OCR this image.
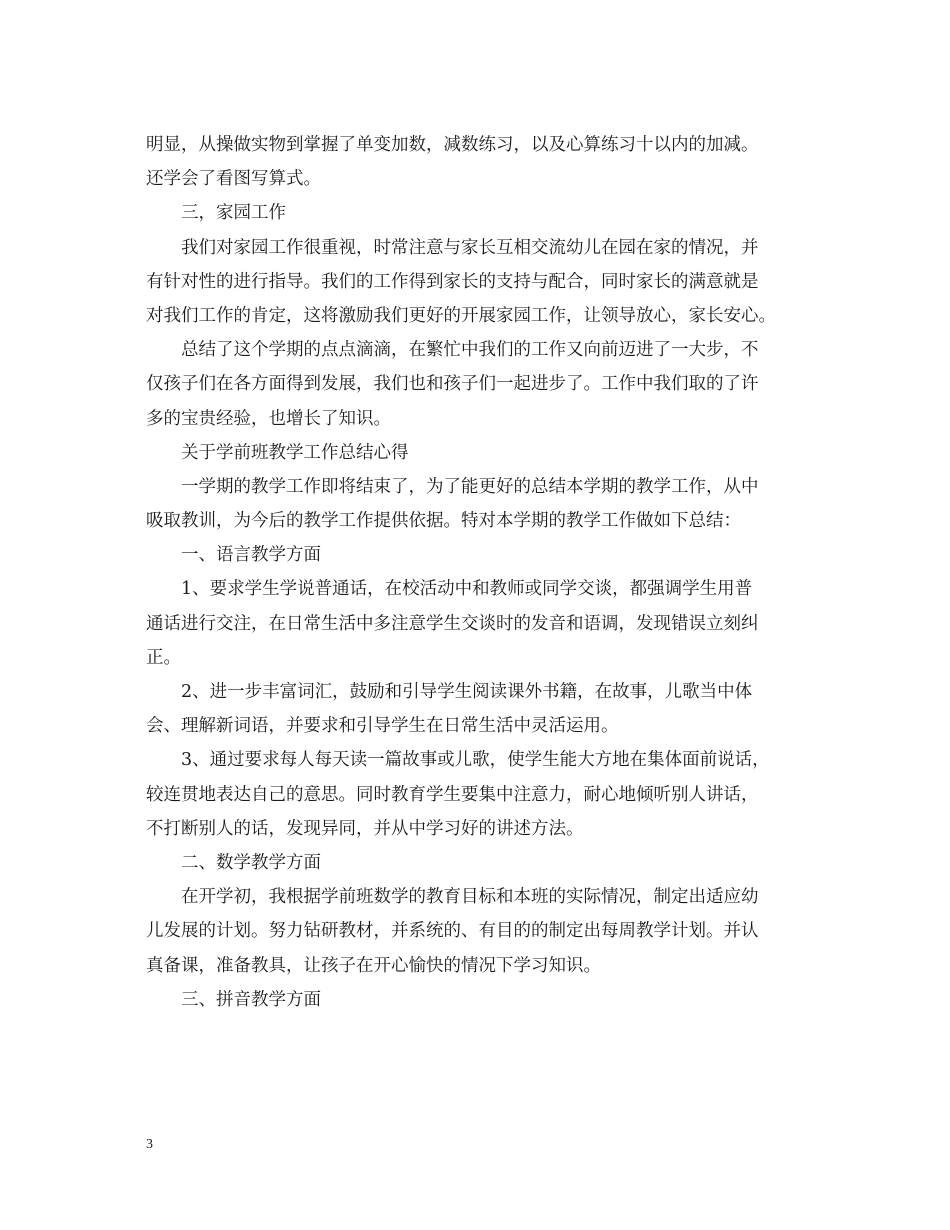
明显，从操做实物到掌握了单变加数，减数练习，以及心算练习十以内的加减。
还学会了看图写算式。
三，家园工作
我们对家园工作很重视，时常注意与家长互相交流幼儿在园在家的情况，并
有针对性的进行指导。我们的工作得到家长的支持与配合，同时家长的满意就是
对我们工作的肯定，这将激励我们更好的开展家园工作，让领导放心，家长安心。
总结了这个学期的点点滴滴，在繁忙中我们的工作又向前迈进了一大步，不
仅孩子们在各方面得到发展，我们也和孩子们一起进步了。工作中我们取的了许
多的宝贵经验，也增长了知识。
关于学前班教学工作总结心得
一学期的教学工作即将结束了，为了能更好的总结本学期的教学工作，从中
吸取教训，为今后的教学工作提供依据。特对本学期的教学工作做如下总结：
一、语言教学方面
1、要求学生学说普通话，在校活动中和教师或同学交谈，都强调学生用普
通话进行交注，在日常生活中多注意学生交谈时的发音和语调，发现错误立刻纠
正。
2、进一步丰富词汇，鼓励和引导学生阅读课外书籍，在故事，儿歌当中体
会、理解新词语，并要求和引导学生在日常生活中灵活运用。
3、通过要求每人每天读一篇故事或儿歌，使学生能大方地在集体面前说话，
较连贯地表达自己的意思。同时教育学生要集中注意力，耐心地倾听别人讲话，
不打断别人的话，发现异同，并从中学习好的讲述方法。
二、数学教学方面
在开学初，我根据学前班数学的教育目标和本班的实际情况，制定出适应幼
儿发展的计划。努力钻研教材，并系统的、有目的的制定出每周教学计划。并认
真备课，准备教具，让孩子在开心愉快的情况下学习知识。
三、拼音教学方面
3
